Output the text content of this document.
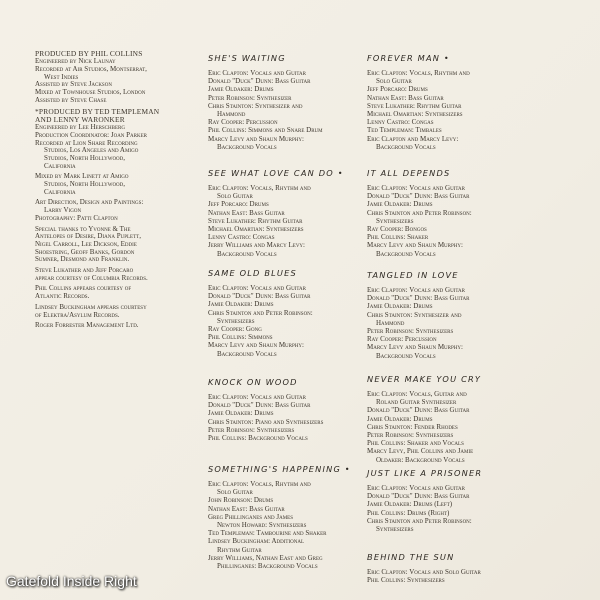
PRODUCED BY PHIL COLLINS
Engineered by Nick Launay
Recorded at Air Studios, Montserrat,
West Indies
Assisted by Steve Jackson
Mixed at Townhouse Studios, London
Assisted by Steve Chase
*PRODUCED BY TED TEMPLEMAN
AND LENNY WARONKER
Engineered by Lee Herschberg
Production Coordinator: Joan Parker
Recorded at Lion Share Recording
Studios, Los Angeles and Amigo
Studios, North Hollywood,
California
Mixed by Mark Linett at Amigo
Studios, North Hollywood,
California
Art Direction, Design and Paintings:
Larry Vigon
Photography: Patti Clapton
Special thanks to Yvonne & The
Antelopes of Desire, Diana Puplett,
Nigel Carroll, Lee Dickson, Eddie
Shoestring, Geoff Banks, Gordon
Sumner, Desmond and Franklin.
Steve Lukather and Jeff Porcaro
appear courtesy of Columbia Records.
Phil Collins appears courtesy of
Atlantic Records.
Lindsey Buckingham appears courtesy
of Elektra/Asylum Records.
Roger Forrester Management Ltd.
SHE'S WAITING
Eric Clapton: Vocals and Guitar
Donald "Duck" Dunn: Bass Guitar
Jamie Oldaker: Drums
Peter Robinson: Synthesizer
Chris Stainton: Synthesizer and
Hammond
Ray Cooper: Percussion
Phil Collins: Simmons and Snare Drum
Marcy Levy and Shaun Murphy:
Background Vocals
SEE WHAT LOVE CAN DO •
Eric Clapton: Vocals, Rhythm and
Solo Guitar
Jeff Porcaro: Drums
Nathan East: Bass Guitar
Steve Lukather: Rhythm Guitar
Michael Omartian: Synthesizers
Lenny Castro: Congas
Jerry Williams and Marcy Levy:
Background Vocals
SAME OLD BLUES
Eric Clapton: Vocals and Guitar
Donald "Duck" Dunn: Bass Guitar
Jamie Oldaker: Drums
Chris Stainton and Peter Robinson:
Synthesizers
Ray Cooper: Gong
Phil Collins: Simmons
Marcy Levy and Shaun Murphy:
Background Vocals
KNOCK ON WOOD
Eric Clapton: Vocals and Guitar
Donald "Duck" Dunn: Bass Guitar
Jamie Oldaker: Drums
Chris Stainton: Piano and Synthesizers
Peter Robinson: Synthesizers
Phil Collins: Background Vocals
SOMETHING'S HAPPENING •
Eric Clapton: Vocals, Rhythm and
Solo Guitar
John Robinson: Drums
Nathan East: Bass Guitar
Greg Phillinganes and James
Newton Howard: Synthesizers
Ted Templeman: Tambourine and Shaker
Lindsey Buckingham: Additional
Rhythm Guitar
Jerry Williams, Nathan East and Greg
Phillinganes: Background Vocals
FOREVER MAN •
Eric Clapton: Vocals, Rhythm and
Solo Guitar
Jeff Porcaro: Drums
Nathan East: Bass Guitar
Steve Lukather: Rhythm Guitar
Michael Omartian: Synthesizers
Lenny Castro: Congas
Ted Templeman: Timbales
Eric Clapton and Marcy Levy:
Background Vocals
IT ALL DEPENDS
Eric Clapton: Vocals and Guitar
Donald "Duck" Dunn: Bass Guitar
Jamie Oldaker: Drums
Chris Stainton and Peter Robinson:
Synthesizers
Ray Cooper: Bongos
Phil Collins: Shaker
Marcy Levy and Shaun Murphy:
Background Vocals
TANGLED IN LOVE
Eric Clapton: Vocals and Guitar
Donald "Duck" Dunn: Bass Guitar
Jamie Oldaker: Drums
Chris Stainton: Synthesizer and
Hammond
Peter Robinson: Synthesizers
Ray Cooper: Percussion
Marcy Levy and Shaun Murphy:
Background Vocals
NEVER MAKE YOU CRY
Eric Clapton: Vocals, Guitar and
Roland Guitar Synthesizer
Donald "Duck" Dunn: Bass Guitar
Jamie Oldaker: Drums
Chris Stainton: Fender Rhodes
Peter Robinson: Synthesizers
Phil Collins: Shaker and Vocals
Marcy Levy, Phil Collins and Jamie
Oldaker: Background Vocals
JUST LIKE A PRISONER
Eric Clapton: Vocals and Guitar
Donald "Duck" Dunn: Bass Guitar
Jamie Oldaker: Drums (Left)
Phil Collins: Drums (Right)
Chris Stainton and Peter Robinson:
Synthesizers
BEHIND THE SUN
Eric Clapton: Vocals and Solo Guitar
Phil Collins: Synthesizers
Gatefold Inside Right
